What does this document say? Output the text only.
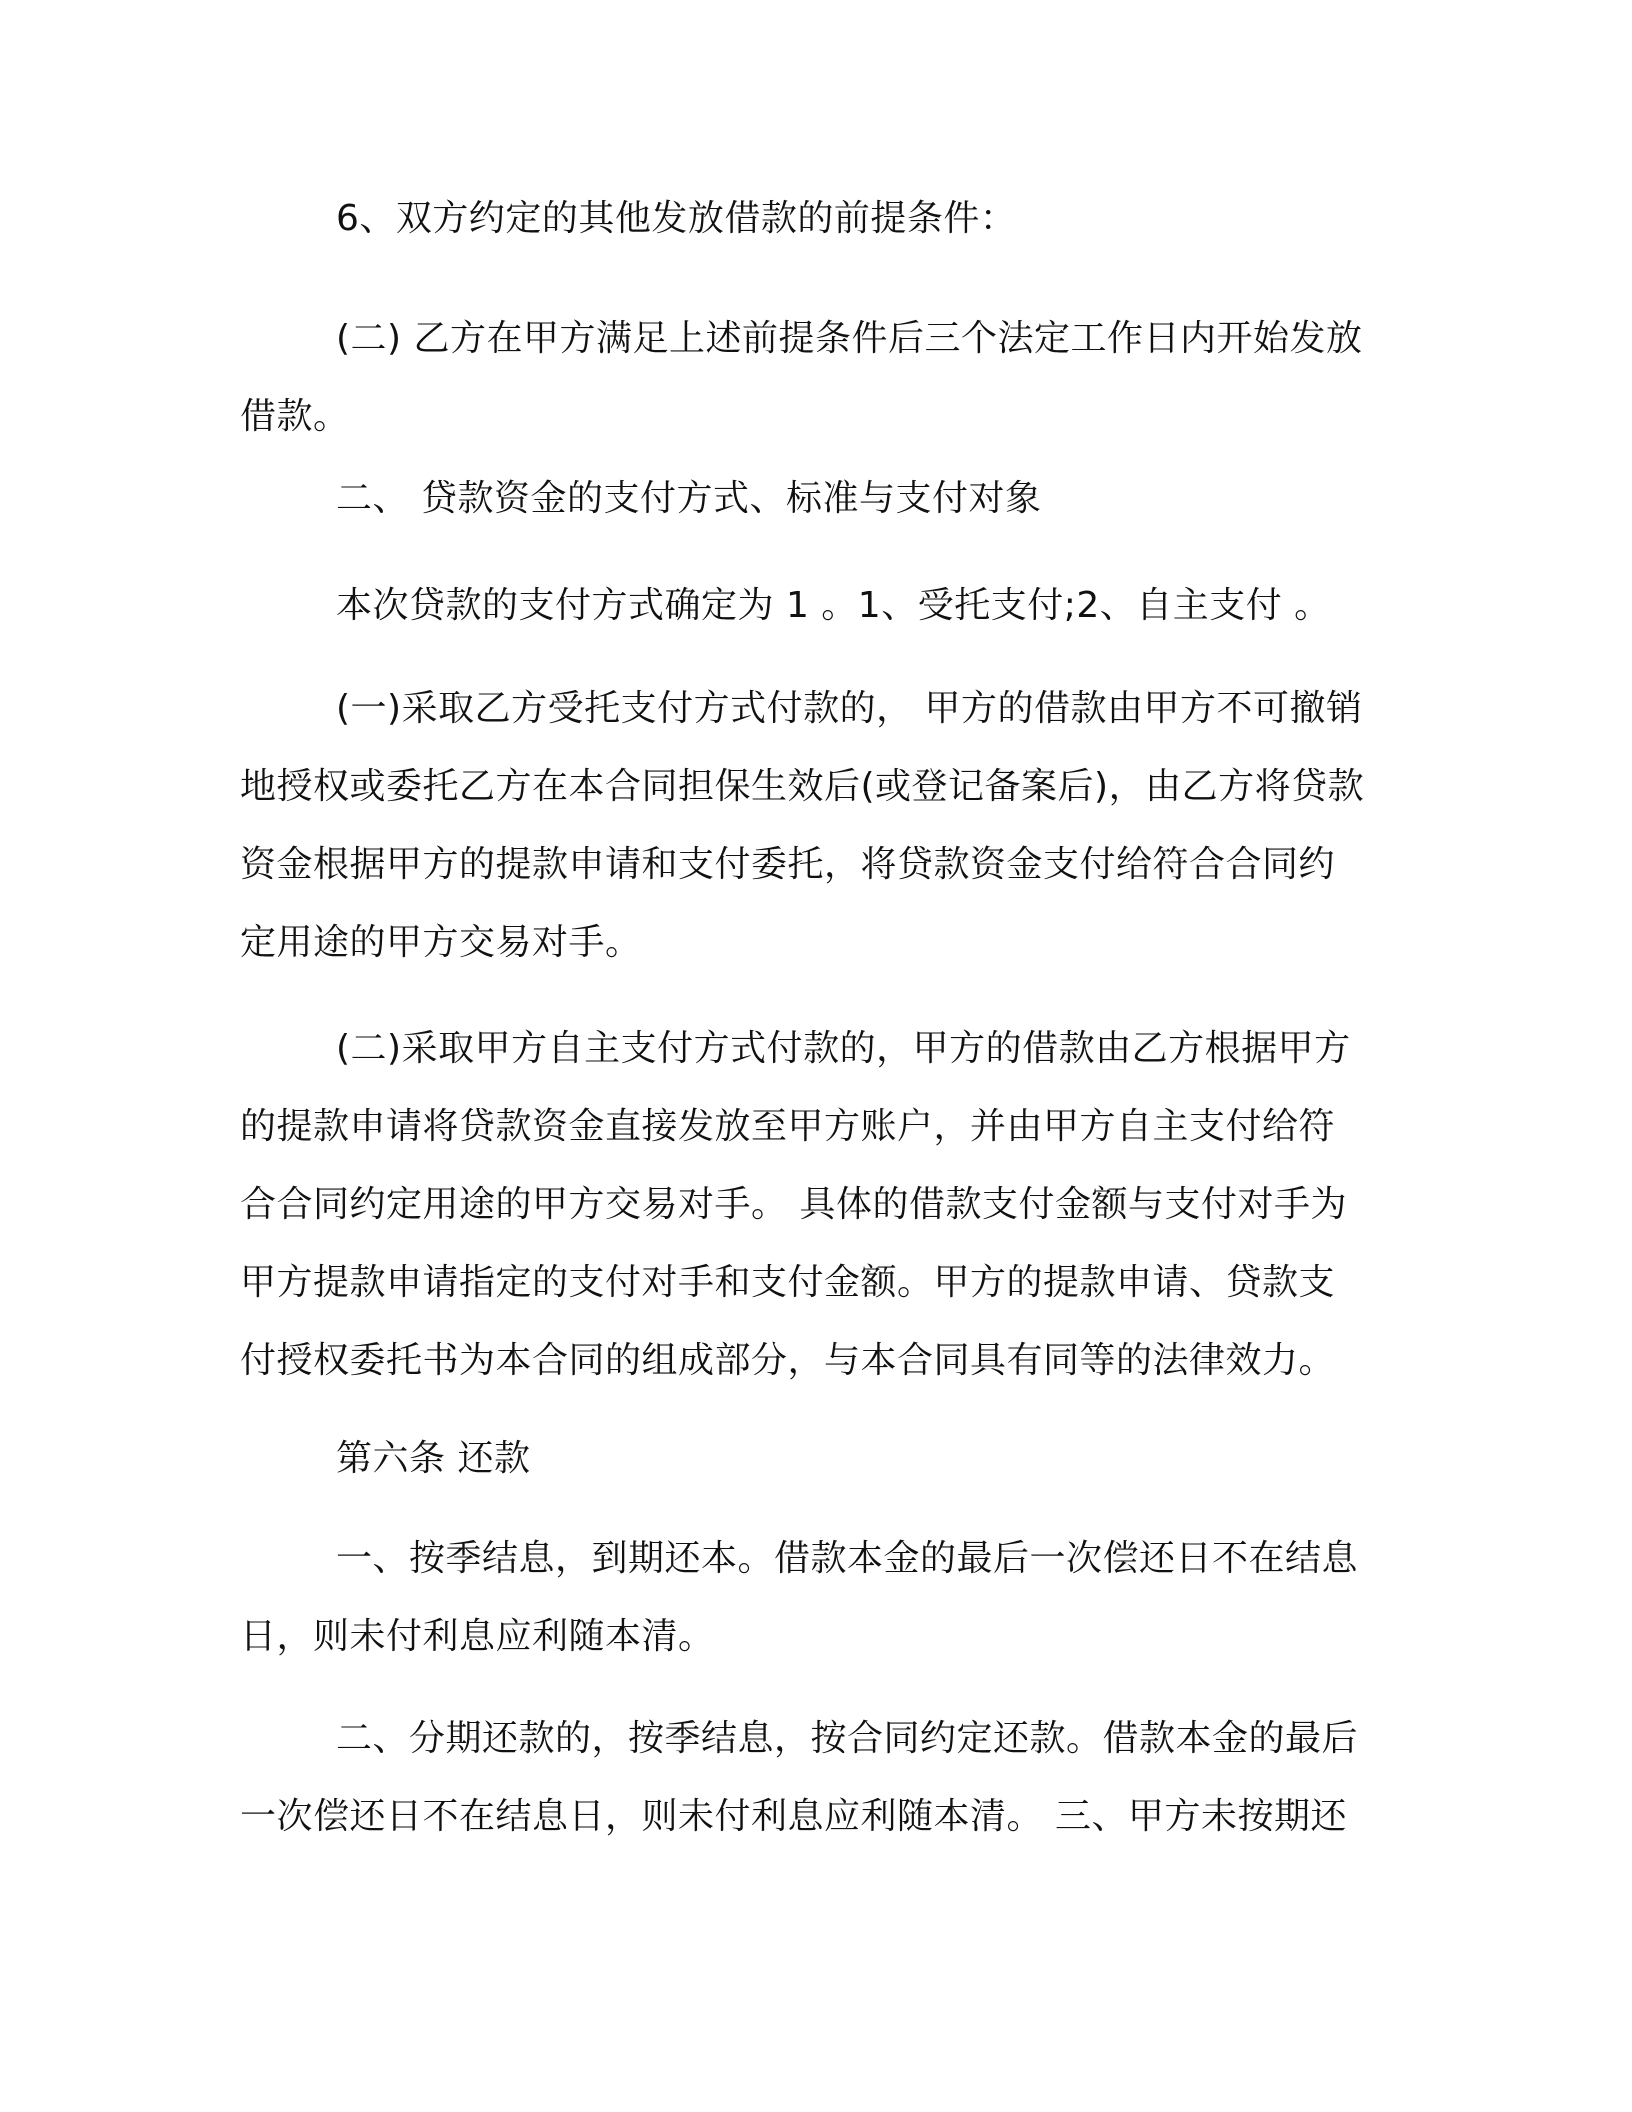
6、双方约定的其他发放借款的前提条件：

(二) 乙方在甲方满足上述前提条件后三个法定工作日内开始发放
借款。

二、 贷款资金的支付方式、标准与支付对象

本次贷款的支付方式确定为 1 。1、受托支付;2、自主支付 。

(一)采取乙方受托支付方式付款的， 甲方的借款由甲方不可撤销
地授权或委托乙方在本合同担保生效后(或登记备案后)，由乙方将贷款
资金根据甲方的提款申请和支付委托，将贷款资金支付给符合合同约
定用途的甲方交易对手。

(二)采取甲方自主支付方式付款的，甲方的借款由乙方根据甲方
的提款申请将贷款资金直接发放至甲方账户，并由甲方自主支付给符
合合同约定用途的甲方交易对手。 具体的借款支付金额与支付对手为
甲方提款申请指定的支付对手和支付金额。甲方的提款申请、贷款支
付授权委托书为本合同的组成部分，与本合同具有同等的法律效力。

第六条 还款

一、按季结息，到期还本。借款本金的最后一次偿还日不在结息
日，则未付利息应利随本清。

二、分期还款的，按季结息，按合同约定还款。借款本金的最后
一次偿还日不在结息日，则未付利息应利随本清。 三、甲方未按期还
